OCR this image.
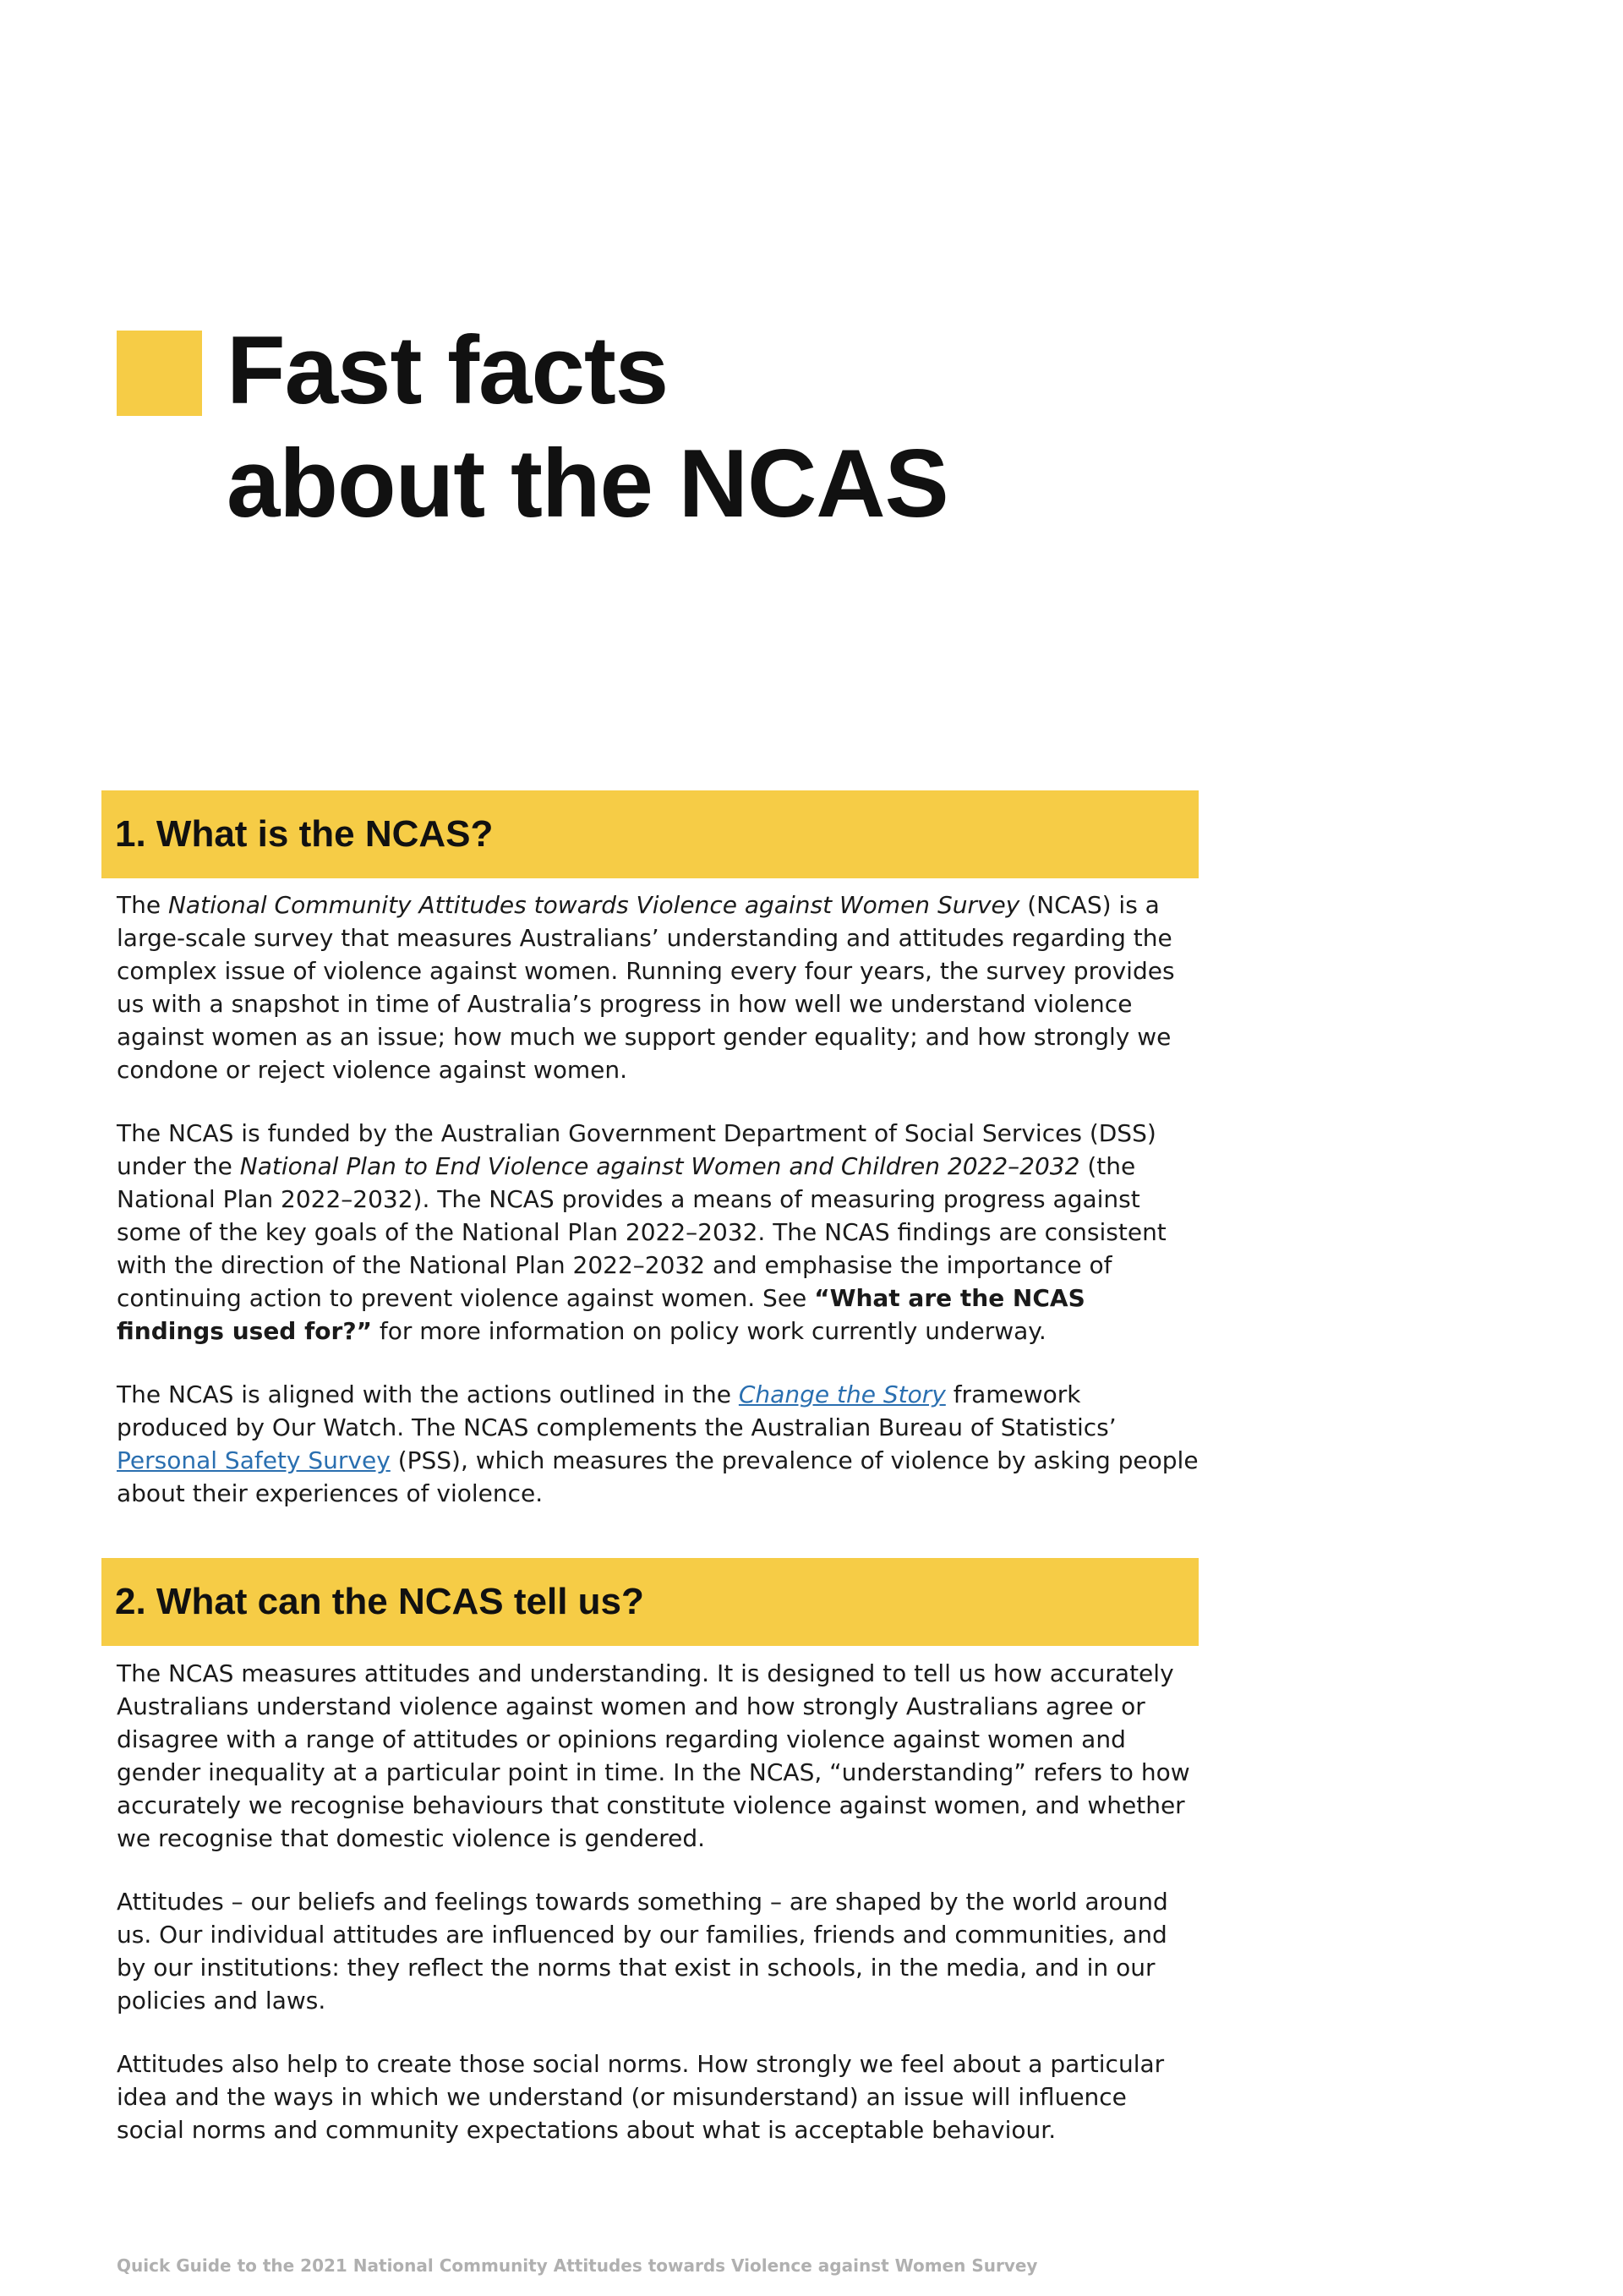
Fast facts
about the NCAS
1. What is the NCAS?

The National Community Attitudes towards Violence against Women Survey (NCAS) is a large-scale survey that measures Australians’ understanding and attitudes regarding the complex issue of violence against women. Running every four years, the survey provides us with a snapshot in time of Australia’s progress in how well we understand violence against women as an issue; how much we support gender equality; and how strongly we condone or reject violence against women.

The NCAS is funded by the Australian Government Department of Social Services (DSS) under the National Plan to End Violence against Women and Children 2022–2032 (the National Plan 2022–2032). The NCAS provides a means of measuring progress against some of the key goals of the National Plan 2022–2032. The NCAS findings are consistent with the direction of the National Plan 2022–2032 and emphasise the importance of continuing action to prevent violence against women. See “What are the NCAS findings used for?” for more information on policy work currently underway.

The NCAS is aligned with the actions outlined in the Change the Story framework produced by Our Watch. The NCAS complements the Australian Bureau of Statistics’ Personal Safety Survey (PSS), which measures the prevalence of violence by asking people about their experiences of violence.

2. What can the NCAS tell us?

The NCAS measures attitudes and understanding. It is designed to tell us how accurately Australians understand violence against women and how strongly Australians agree or disagree with a range of attitudes or opinions regarding violence against women and gender inequality at a particular point in time. In the NCAS, “understanding” refers to how accurately we recognise behaviours that constitute violence against women, and whether we recognise that domestic violence is gendered.

Attitudes – our beliefs and feelings towards something – are shaped by the world around us. Our individual attitudes are influenced by our families, friends and communities, and by our institutions: they reflect the norms that exist in schools, in the media, and in our policies and laws.

Attitudes also help to create those social norms. How strongly we feel about a particular idea and the ways in which we understand (or misunderstand) an issue will influence social norms and community expectations about what is acceptable behaviour.

Quick Guide to the 2021 National Community Attitudes towards Violence against Women Survey
